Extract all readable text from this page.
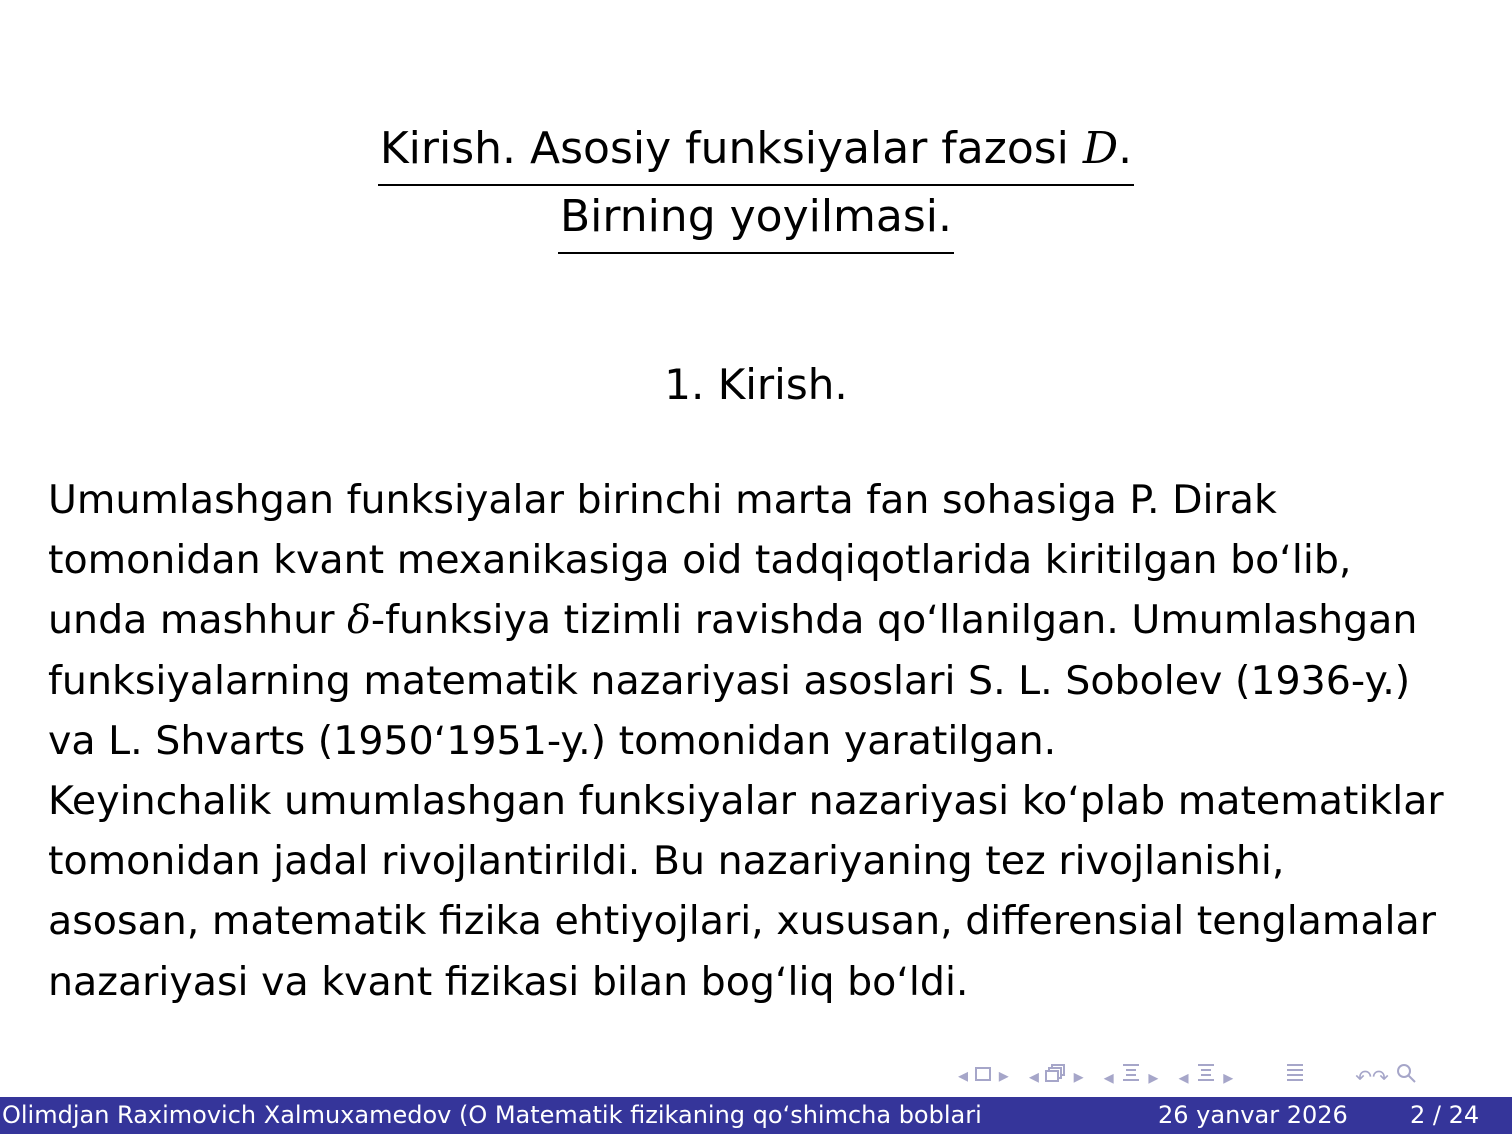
Kirish. Asosiy funksiyalar fazosi D.
Birning yoyilmasi.
1. Kirish.
Umumlashgan funksiyalar birinchi marta fan sohasiga P. Dirak
tomonidan kvant mexanikasiga oid tadqiqotlarida kiritilgan bo‘lib,
unda mashhur δ-funksiya tizimli ravishda qo‘llanilgan. Umumlashgan
funksiyalarning matematik nazariyasi asoslari S. L. Sobolev (1936-y.)
va L. Shvarts (1950‘1951-y.) tomonidan yaratilgan.
Keyinchalik umumlashgan funksiyalar nazariyasi ko‘plab matematiklar
tomonidan jadal rivojlantirildi. Bu nazariyaning tez rivojlanishi,
asosan, matematik fizika ehtiyojlari, xususan, differensial tenglamalar
nazariyasi va kvant fizikasi bilan bog‘liq bo‘ldi.
◂ ▸ ◂ ▸ ◂ ▸ ◂ ▸	↶↷
Olimdjan Raximovich Xalmuxamedov (O Matematik fizikaning qo‘shimcha boblari	26 yanvar 2026	2 / 24
